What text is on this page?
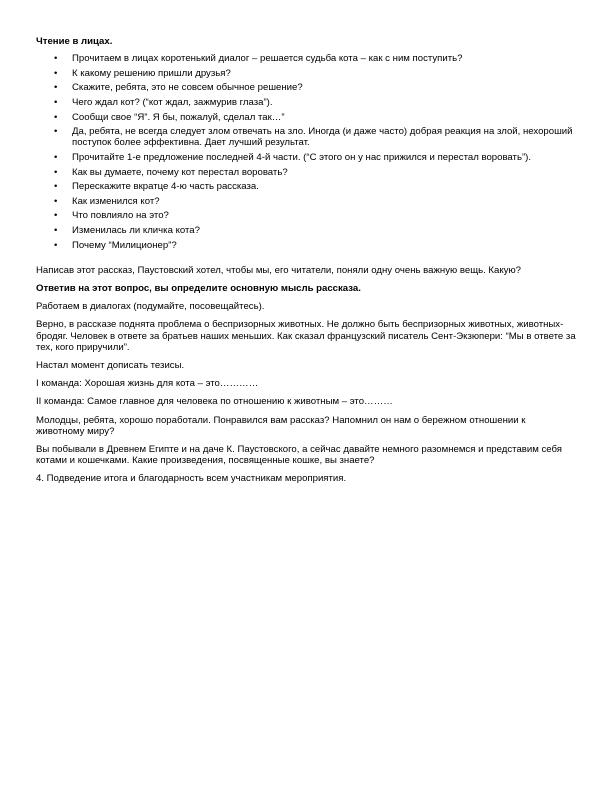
Чтение в лицах.
• Прочитаем в лицах коротенький диалог – решается судьба кота – как с ним поступить?
• К какому решению пришли друзья?
• Скажите, ребята, это не совсем обычное решение?
• Чего ждал кот? (“кот ждал, зажмурив глаза”).
• Сообщи свое “Я”. Я бы, пожалуй, сделал так…”
• Да, ребята, не всегда следует злом отвечать на зло. Иногда (и даже часто) добрая реакция на злой, нехороший поступок более эффективна. Дает лучший результат.
• Прочитайте 1-е предложение последней 4-й части. (“С этого он у нас прижился и перестал воровать”).
• Как вы думаете, почему кот перестал воровать?
• Перескажите вкратце 4-ю часть рассказа.
• Как изменился кот?
• Что повлияло на это?
• Изменилась ли кличка кота?
• Почему “Милиционер”?

Написав этот рассказ, Паустовский хотел, чтобы мы, его читатели, поняли одну очень важную вещь. Какую?

Ответив на этот вопрос, вы определите основную мысль рассказа.

Работаем в диалогах (подумайте, посовещайтесь).

Верно, в рассказе поднята проблема о беспризорных животных. Не должно быть беспризорных животных, животных-бродяг. Человек в ответе за братьев наших меньших. Как сказал французский писатель Сент-Экзюпери: “Мы в ответе за тех, кого приручили”.

Настал момент дописать тезисы.

I команда: Хорошая жизнь для кота – это…………

II команда: Самое главное для человека по отношению к животным – это………

Молодцы, ребята, хорошо поработали. Понравился вам рассказ? Напомнил он нам о бережном отношении к животному миру?

Вы побывали в Древнем Египте и на даче К. Паустовского, а сейчас давайте немного разомнемся и представим себя котами и кошечками. Какие произведения, посвященные кошке, вы знаете?

4. Подведение итога и благодарность всем участникам мероприятия.
